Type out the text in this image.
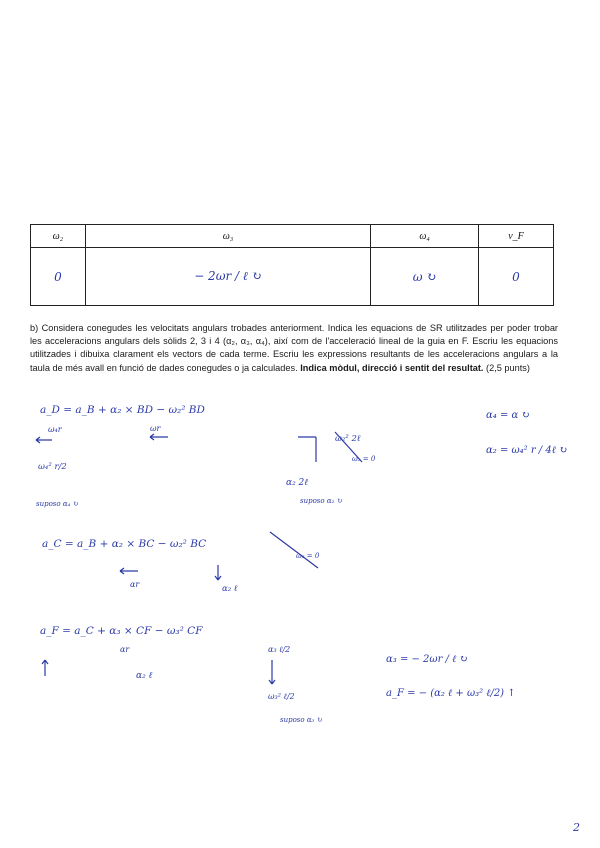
ω₂	ω₃	ω₄	v_F
0	− 2ωr / ℓ ↻	ω ↻	0
b) Considera conegudes les velocitats angulars trobades anteriorment. Indica les equacions de SR utilitzades per poder trobar les acceleracions angulars dels sòlids 2, 3 i 4 (α₂, α₃, α₄), així com de l'acceleració lineal de la guia en F. Escriu les equacions utilitzades i dibuixa clarament els vectors de cada terme. Escriu les expressions resultants de les acceleracions angulars a la taula de més avall en funció de dades conegudes o ja calculades. Indica mòdul, direcció i sentit del resultat. (2,5 punts)
a_D = a_B + α₂ × BD − ω₂² BD
ω₄r	ωr
ω₂² 2ℓ
ω₂ = 0
α₂ 2ℓ
ω₄² r/2
suposo α₄ ↻	suposo α₂ ↻
α₄ = α ↻
α₂ = ω₄² r / 4ℓ ↻
a_C = a_B + α₂ × BC − ω₂² BC
ω₂ = 0
αr	α₂ ℓ
a_F = a_C + α₃ × CF − ω₃² CF
αr
α₂ ℓ
α₃ ℓ/2
ω₃² ℓ/2
suposo α₃ ↻
α₃ = − 2ωr / ℓ ↻
a_F = − (α₂ ℓ + ω₃² ℓ/2) ↑
2
